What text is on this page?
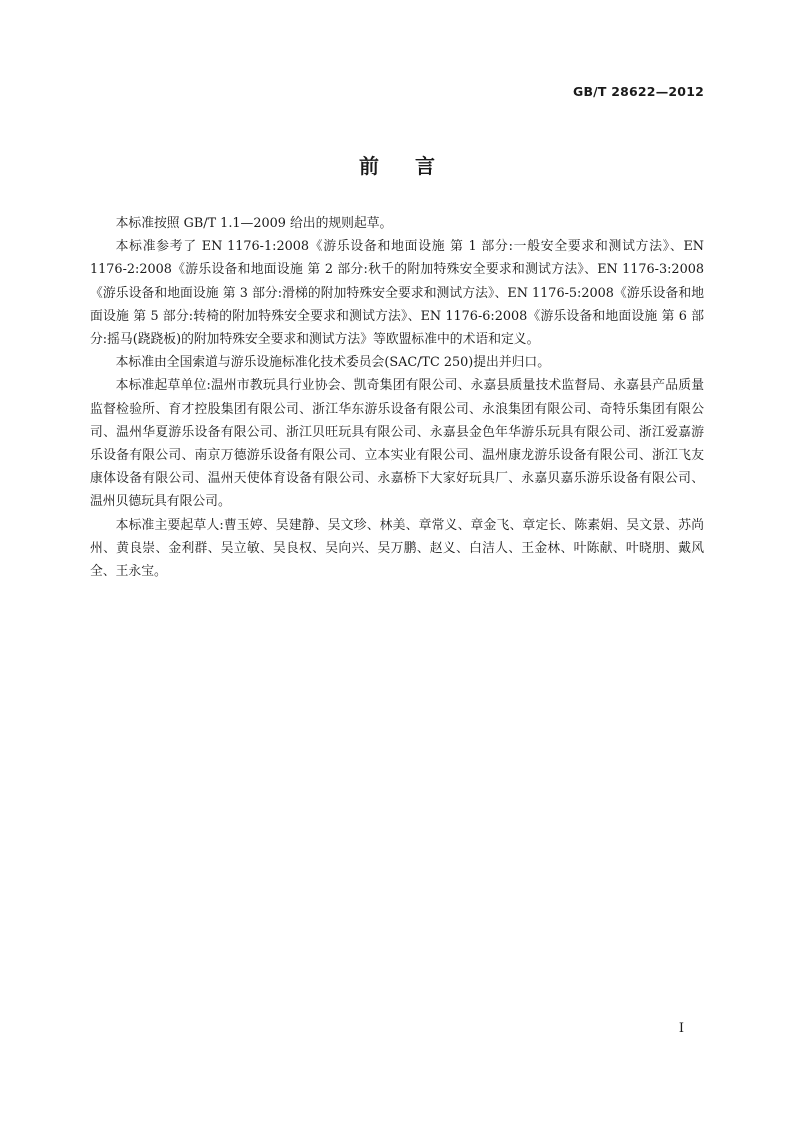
GB/T 28622—2012
前言

本标准按照 GB/T 1.1—2009 给出的规则起草。

本标准参考了 EN 1176-1:2008《游乐设备和地面设施 第 1 部分:一般安全要求和测试方法》、EN 1176-2:2008《游乐设备和地面设施 第 2 部分:秋千的附加特殊安全要求和测试方法》、EN 1176-3:2008《游乐设备和地面设施 第 3 部分:滑梯的附加特殊安全要求和测试方法》、EN 1176-5:2008《游乐设备和地面设施 第 5 部分:转椅的附加特殊安全要求和测试方法》、EN 1176-6:2008《游乐设备和地面设施 第 6 部分:摇马(跷跷板)的附加特殊安全要求和测试方法》等欧盟标准中的术语和定义。

本标准由全国索道与游乐设施标准化技术委员会(SAC/TC 250)提出并归口。

本标准起草单位:温州市教玩具行业协会、凯奇集团有限公司、永嘉县质量技术监督局、永嘉县产品质量监督检验所、育才控股集团有限公司、浙江华东游乐设备有限公司、永浪集团有限公司、奇特乐集团有限公司、温州华夏游乐设备有限公司、浙江贝旺玩具有限公司、永嘉县金色年华游乐玩具有限公司、浙江爱嘉游乐设备有限公司、南京万德游乐设备有限公司、立本实业有限公司、温州康龙游乐设备有限公司、浙江飞友康体设备有限公司、温州天使体育设备有限公司、永嘉桥下大家好玩具厂、永嘉贝嘉乐游乐设备有限公司、温州贝德玩具有限公司。

本标准主要起草人:曹玉婷、吴建静、吴文珍、林美、章常义、章金飞、章定长、陈素娟、吴文景、苏尚州、黄良崇、金利群、吴立敏、吴良权、吴向兴、吴万鹏、赵义、白洁人、王金林、叶陈献、叶晓朋、戴风全、王永宝。

I
